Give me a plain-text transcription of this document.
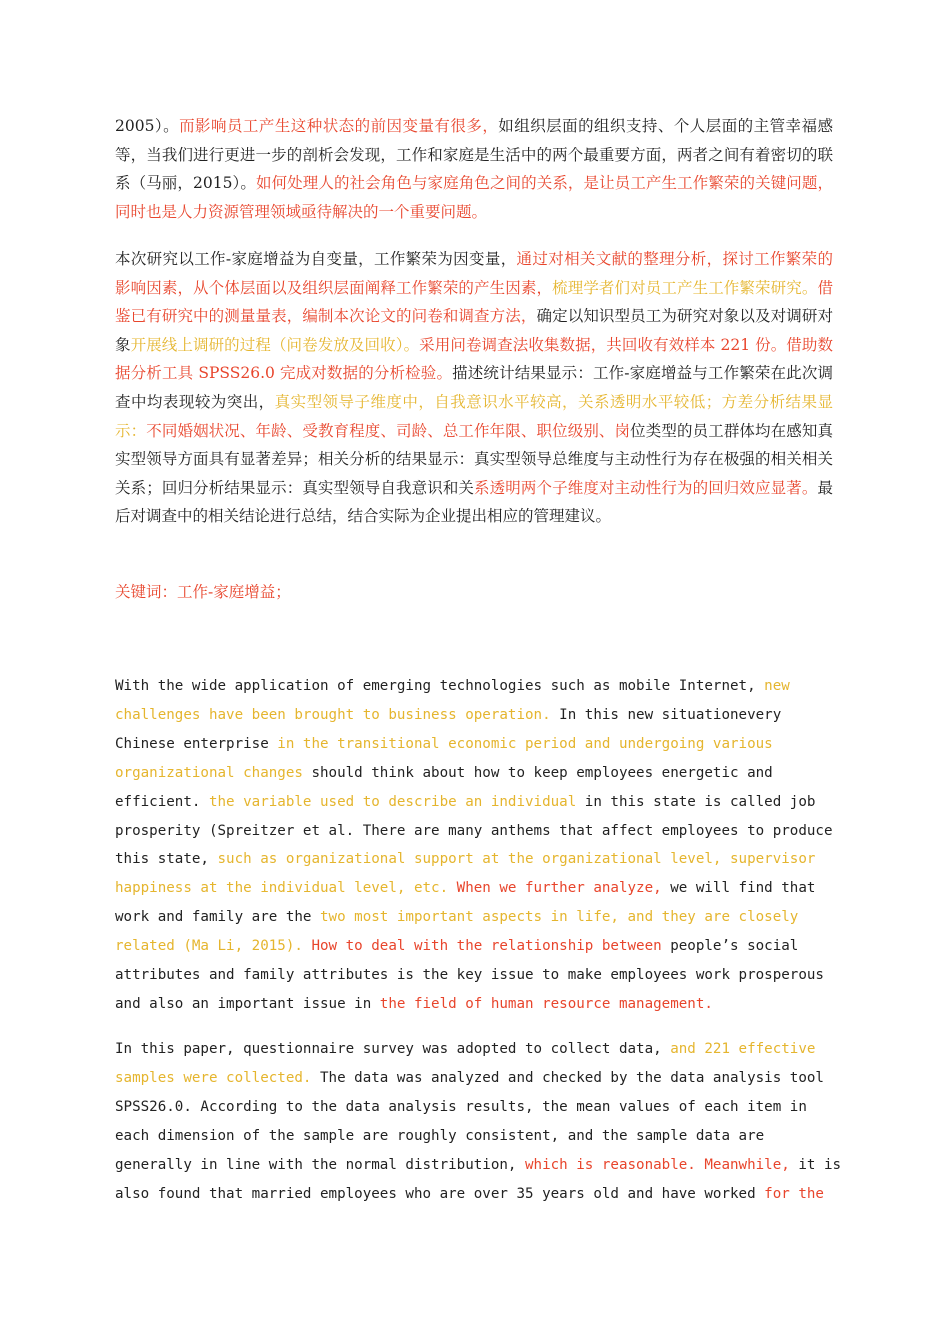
2005）。而影响员工产生这种状态的前因变量有很多，如组织层面的组织支持、个人层面的主管幸福感等，当我们进行更进一步的剖析会发现，工作和家庭是生活中的两个最重要方面，两者之间有着密切的联系（马丽，2015）。如何处理人的社会角色与家庭角色之间的关系，是让员工产生工作繁荣的关键问题，同时也是人力资源管理领域亟待解决的一个重要问题。

本次研究以工作-家庭增益为自变量，工作繁荣为因变量，通过对相关文献的整理分析，探讨工作繁荣的影响因素，从个体层面以及组织层面阐释工作繁荣的产生因素，梳理学者们对员工产生工作繁荣研究。借鉴已有研究中的测量量表，编制本次论文的问卷和调查方法，确定以知识型员工为研究对象以及对调研对象开展线上调研的过程（问卷发放及回收）。采用问卷调查法收集数据，共回收有效样本 221 份。借助数据分析工具 SPSS26.0 完成对数据的分析检验。描述统计结果显示：工作-家庭增益与工作繁荣在此次调查中均表现较为突出，真实型领导子维度中，自我意识水平较高，关系透明水平较低；方差分析结果显示：不同婚姻状况、年龄、受教育程度、司龄、总工作年限、职位级别、岗位类型的员工群体均在感知真实型领导方面具有显著差异；相关分析的结果显示：真实型领导总维度与主动性行为存在极强的相关相关关系；回归分析结果显示：真实型领导自我意识和关系透明两个子维度对主动性行为的回归效应显著。最后对调查中的相关结论进行总结，结合实际为企业提出相应的管理建议。

关键词：工作-家庭增益；

With the wide application of emerging technologies such as mobile Internet, new
challenges have been brought to business operation. In this new situationevery
Chinese enterprise in the transitional economic period and undergoing various
organizational changes should think about how to keep employees energetic and
efficient. the variable used to describe an individual in this state is called job
prosperity (Spreitzer et al. There are many anthems that affect employees to produce
this state, such as organizational support at the organizational level, supervisor
happiness at the individual level, etc. When we further analyze, we will find that
work and family are the two most important aspects in life, and they are closely
related (Ma Li, 2015). How to deal with the relationship between people’s social
attributes and family attributes is the key issue to make employees work prosperous
and also an important issue in the field of human resource management.
In this paper, questionnaire survey was adopted to collect data, and 221 effective
samples were collected. The data was analyzed and checked by the data analysis tool
SPSS26.0. According to the data analysis results, the mean values of each item in
each dimension of the sample are roughly consistent, and the sample data are
generally in line with the normal distribution, which is reasonable. Meanwhile, it is
also found that married employees who are over 35 years old and have worked for the
